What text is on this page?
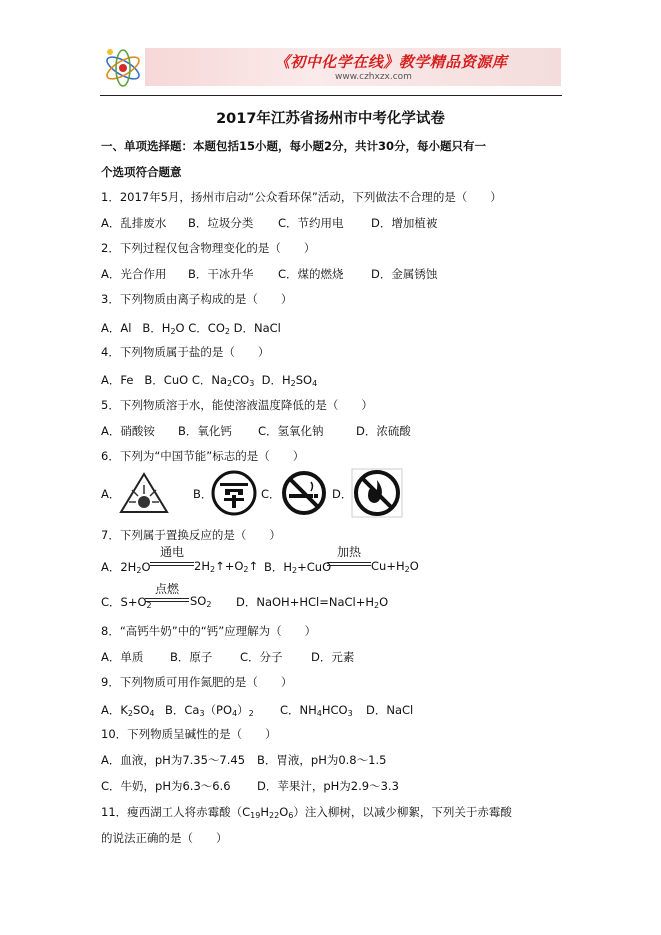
《初中化学在线》教学精品资源库
www.czhxzx.com
2017年江苏省扬州市中考化学试卷
一、单项选择题：本题包括15小题，每小题2分，共计30分，每小题只有一
个选项符合题意
1．2017年5月，扬州市启动“公众看环保”活动，下列做法不合理的是（　　）
A．乱排废水 B．垃圾分类 C．节约用电 D．增加植被
2．下列过程仅包含物理变化的是（　　）
A．光合作用 B．干冰升华 C．煤的燃烧 D．金属锈蚀
3．下列物质由离子构成的是（　　）
A．Al B．$H_2O$ C．$CO_2$ D．NaCl
4．下列物质属于盐的是（　　）
A．Fe B．CuO C．$Na_2CO_3$ D．$H_2SO_4$
5．下列物质溶于水，能使溶液温度降低的是（　　）
A．硝酸铵 B．氧化钙 C．氢氧化钠	D．浓硫酸
6．下列为“中国节能”标志的是（　　）
A．	B．	C．	D．
7．下列属于置换反应的是（　　）
A．$2H_2O$
通电
$2H_2↑+O_2↑$ B．$H_2+CuO$
加热
$Cu+H_2O$
C．$S+O_2$
点燃
$SO_2$ D．$NaOH+HCl=NaCl+H_2O$
8．“高钙牛奶”中的“钙”应理解为（　　）
A．单质 B．原子 C．分子 D．元素
9．下列物质可用作氮肥的是（　　）
A．$K_2SO_4$ B．$Ca_3(PO_4)_2$ C．$NH_4HCO_3$ D．NaCl
10．下列物质呈碱性的是（　　）
A．血液，pH为7.35～7.45 B．胃液，pH为0.8～1.5
C．牛奶，pH为6.3～6.6 D．苹果汁，pH为2.9～3.3
11．瘦西湖工人将赤霉酸$(C_{19}H_{22}O_6)$注入柳树，以减少柳絮，下列关于赤霉酸
的说法正确的是（　　）
